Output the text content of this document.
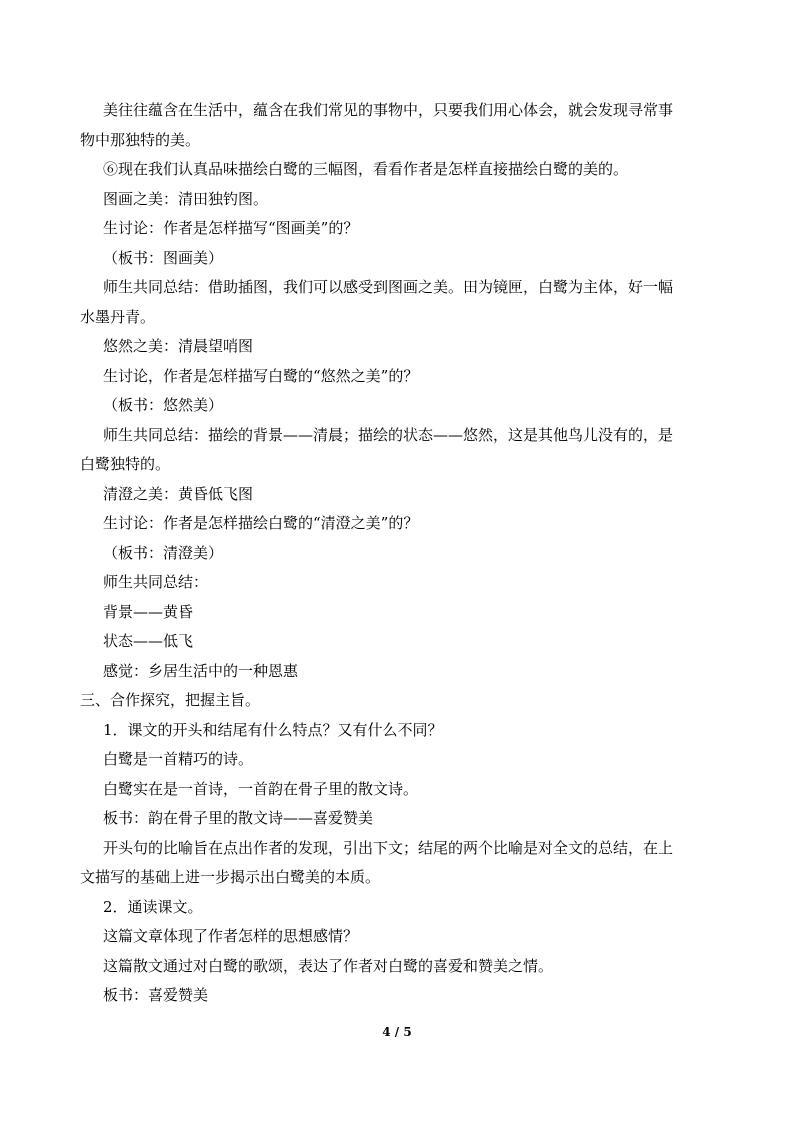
美往往蕴含在生活中，蕴含在我们常见的事物中，只要我们用心体会，就会发现寻常事
物中那独特的美。
⑥现在我们认真品味描绘白鹭的三幅图，看看作者是怎样直接描绘白鹭的美的。
图画之美：清田独钓图。
生讨论：作者是怎样描写“图画美”的？
（板书：图画美）
师生共同总结：借助插图，我们可以感受到图画之美。田为镜匣，白鹭为主体，好一幅
水墨丹青。
悠然之美：清晨望哨图
生讨论，作者是怎样描写白鹭的“悠然之美”的？
（板书：悠然美）
师生共同总结：描绘的背景——清晨；描绘的状态——悠然，这是其他鸟儿没有的，是
白鹭独特的。
清澄之美：黄昏低飞图
生讨论：作者是怎样描绘白鹭的“清澄之美”的？
（板书：清澄美）
师生共同总结：
背景——黄昏
状态——低飞
感觉：乡居生活中的一种恩惠
三、合作探究，把握主旨。
1．课文的开头和结尾有什么特点？又有什么不同？
白鹭是一首精巧的诗。
白鹭实在是一首诗，一首韵在骨子里的散文诗。
板书：韵在骨子里的散文诗——喜爱赞美
开头句的比喻旨在点出作者的发现，引出下文；结尾的两个比喻是对全文的总结，在上
文描写的基础上进一步揭示出白鹭美的本质。
2．通读课文。
这篇文章体现了作者怎样的思想感情？
这篇散文通过对白鹭的歌颂，表达了作者对白鹭的喜爱和赞美之情。
板书：喜爱赞美
4 / 5
